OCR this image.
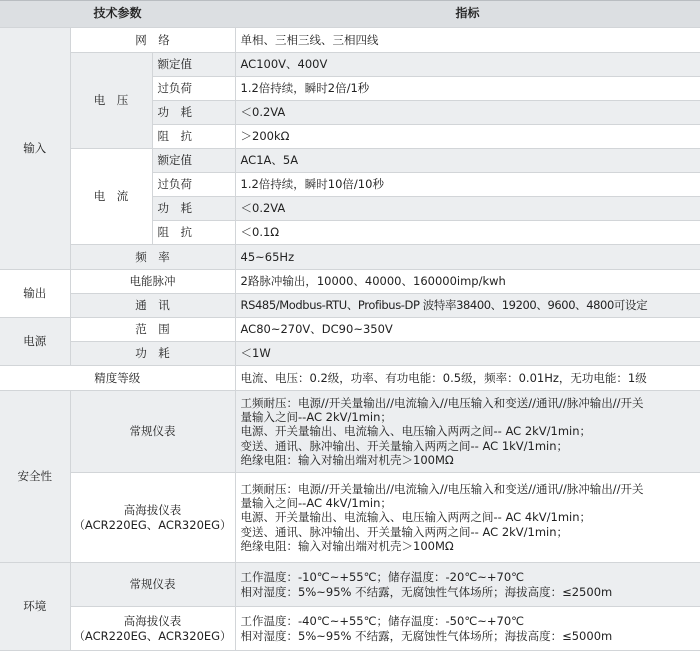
技术参数			指标
输入	网　络		单相、三相三线、三相四线
	电　压	额定值	AC100V、400V
		过负荷	1.2倍持续，瞬时2倍/1秒
		功　耗	＜0.2VA
		阻　抗	＞200kΩ
	电　流	额定值	AC1A、5A
		过负荷	1.2倍持续，瞬时10倍/10秒
		功　耗	＜0.2VA
		阻　抗	＜0.1Ω
	频　率		45~65Hz
输出	电能脉冲		2路脉冲输出，10000、40000、160000imp/kwh
	通　讯		RS485/Modbus-RTU、Profibus-DP 波特率38400、19200、9600、4800可设定
电源	范　围		AC80~270V、DC90~350V
	功　耗		＜1W
精度等级			电流、电压：0.2级，功率、有功电能：0.5级，频率：0.01Hz，无功电能：1级
安全性	常规仪表		工频耐压：电源//开关量输出//电流输入//电压输入和变送//通讯//脉冲输出//开关
量输入之间--AC 2kV/1min；
电源、开关量输出、电流输入、电压输入两两之间-- AC 2kV/1min；
变送、通讯、脉冲输出、开关量输入两两之间-- AC 1kV/1min；
绝缘电阻：输入对输出端对机壳＞100MΩ

	高海拔仪表
（ACR220EG、ACR320EG）		工频耐压：电源//开关量输出//电流输入//电压输入和变送//通讯//脉冲输出//开关
量输入之间--AC 4kV/1min；
电源、开关量输出、电流输入、电压输入两两之间-- AC 4kV/1min；
变送、通讯、脉冲输出、开关量输入两两之间-- AC 2kV/1min；
绝缘电阻：输入对输出端对机壳＞100MΩ

环境	常规仪表		工作温度：-10℃~+55℃；储存温度：-20℃~+70℃
相对湿度：5%~95% 不结露，无腐蚀性气体场所；海拔高度：≤2500m

	高海拔仪表
（ACR220EG、ACR320EG）		工作温度：-40℃~+55℃；储存温度：-50℃~+70℃
相对湿度：5%~95% 不结露，无腐蚀性气体场所；海拔高度：≤5000m
